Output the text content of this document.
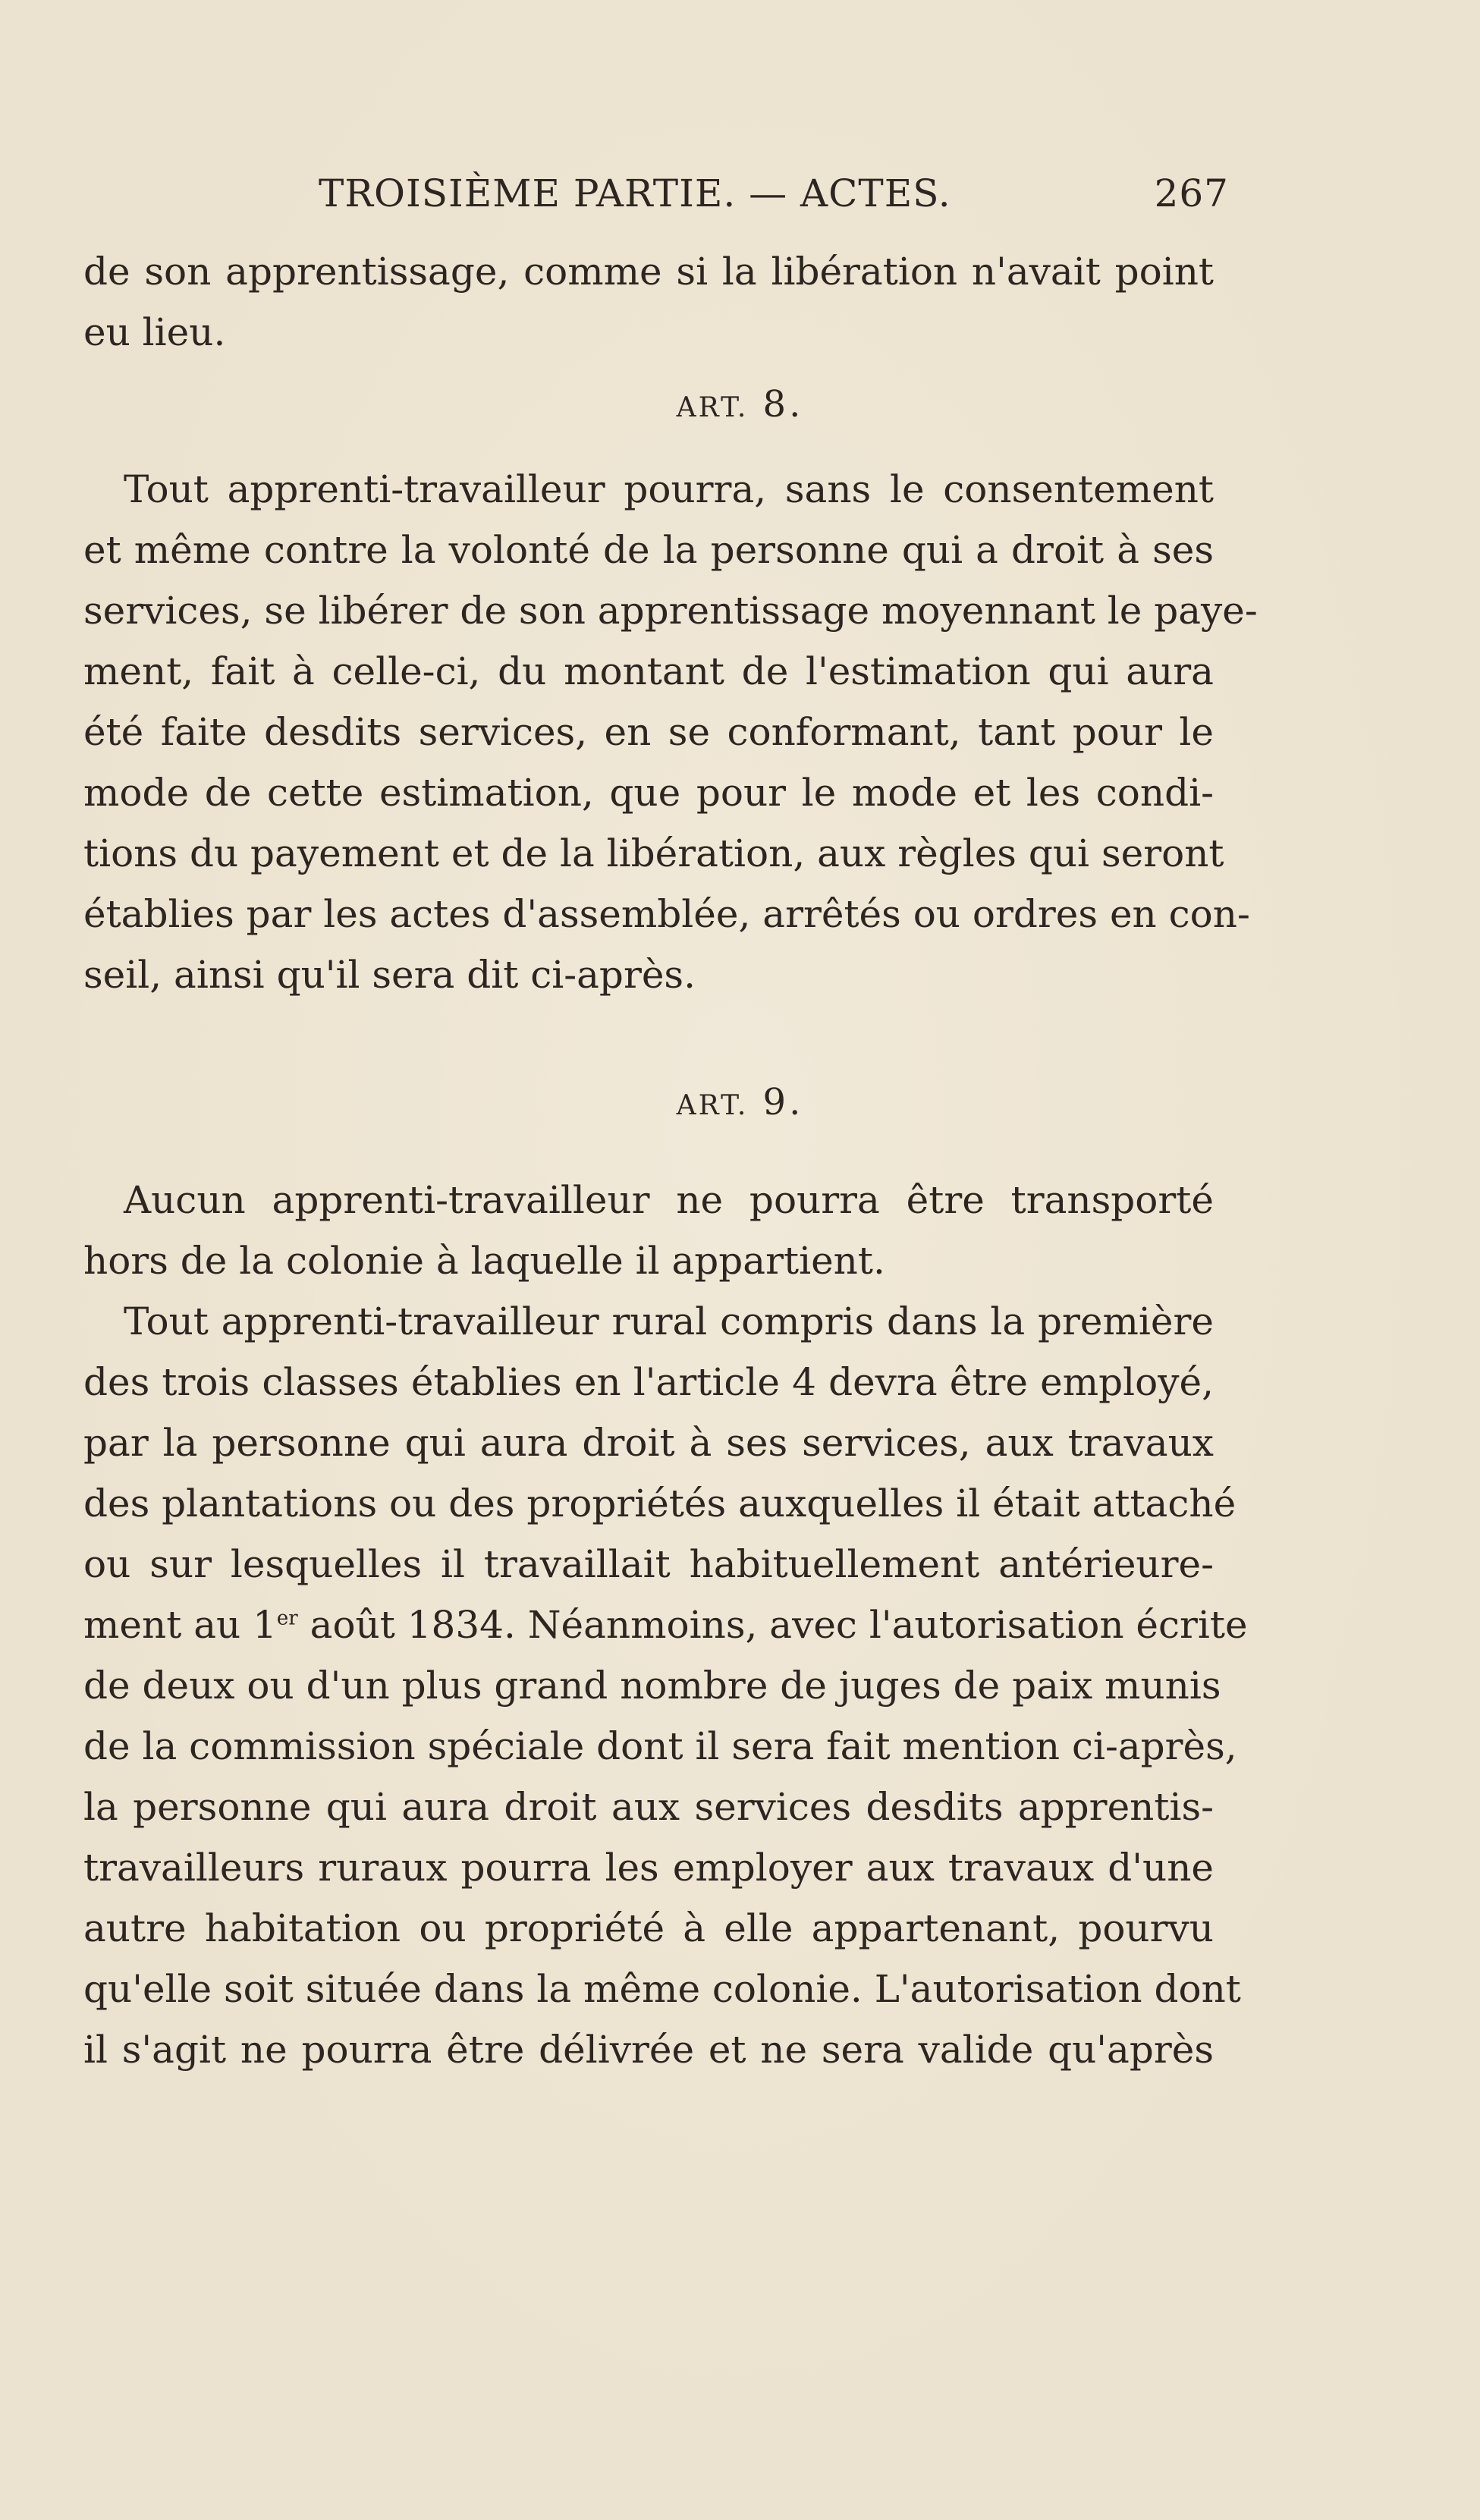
TROISIÈME PARTIE. — ACTES.	267
de son apprentissage, comme si la libération n'avait point
eu lieu.
ART. 8.
Tout apprenti-travailleur pourra, sans le consentement
et même contre la volonté de la personne qui a droit à ses
services, se libérer de son apprentissage moyennant le paye-
ment, fait à celle-ci, du montant de l'estimation qui aura
été faite desdits services, en se conformant, tant pour le
mode de cette estimation, que pour le mode et les condi-
tions du payement et de la libération, aux règles qui seront
établies par les actes d'assemblée, arrêtés ou ordres en con-
seil, ainsi qu'il sera dit ci-après.
ART. 9.
Aucun apprenti-travailleur ne pourra être transporté
hors de la colonie à laquelle il appartient.
Tout apprenti-travailleur rural compris dans la première
des trois classes établies en l'article 4 devra être employé,
par la personne qui aura droit à ses services, aux travaux
des plantations ou des propriétés auxquelles il était attaché
ou sur lesquelles il travaillait habituellement antérieure-
ment au 1er août 1834. Néanmoins, avec l'autorisation écrite
de deux ou d'un plus grand nombre de juges de paix munis
de la commission spéciale dont il sera fait mention ci-après,
la personne qui aura droit aux services desdits apprentis-
travailleurs ruraux pourra les employer aux travaux d'une
autre habitation ou propriété à elle appartenant, pourvu
qu'elle soit située dans la même colonie. L'autorisation dont
il s'agit ne pourra être délivrée et ne sera valide qu'après
